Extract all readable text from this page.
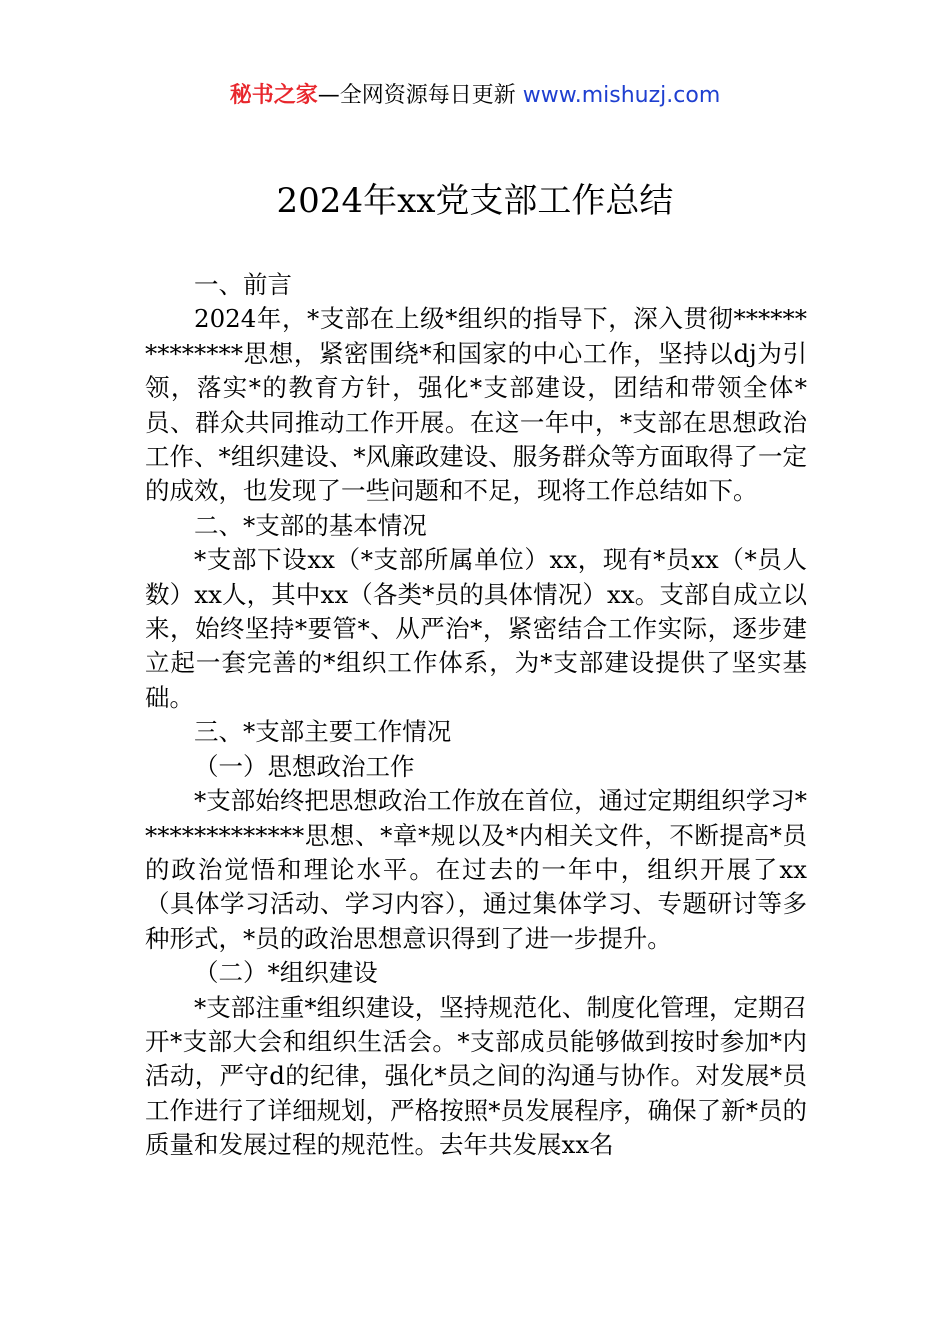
秘书之家—全网资源每日更新 www.mishuzj.com
2024年xx党支部工作总结

一、前言

2024年，*支部在上级*组织的指导下，深入贯彻**************思想，紧密围绕*和国家的中心工作，坚持以dj为引领，落实*的教育方针，强化*支部建设，团结和带领全体*员、群众共同推动工作开展。在这一年中，*支部在思想政治工作、*组织建设、*风廉政建设、服务群众等方面取得了一定的成效，也发现了一些问题和不足，现将工作总结如下。

二、*支部的基本情况

*支部下设xx（*支部所属单位）xx，现有*员xx（*员人数）xx人，其中xx（各类*员的具体情况）xx。支部自成立以来，始终坚持*要管*、从严治*，紧密结合工作实际，逐步建立起一套完善的*组织工作体系，为*支部建设提供了坚实基础。

三、*支部主要工作情况

（一）思想政治工作

*支部始终把思想政治工作放在首位，通过定期组织学习**************思想、*章*规以及*内相关文件，不断提高*员的政治觉悟和理论水平。在过去的一年中，组织开展了xx（具体学习活动、学习内容），通过集体学习、专题研讨等多种形式，*员的政治思想意识得到了进一步提升。

（二）*组织建设

*支部注重*组织建设，坚持规范化、制度化管理，定期召开*支部大会和组织生活会。*支部成员能够做到按时参加*内活动，严守d的纪律，强化*员之间的沟通与协作。对发展*员工作进行了详细规划，严格按照*员发展程序，确保了新*员的质量和发展过程的规范性。去年共发展xx名
